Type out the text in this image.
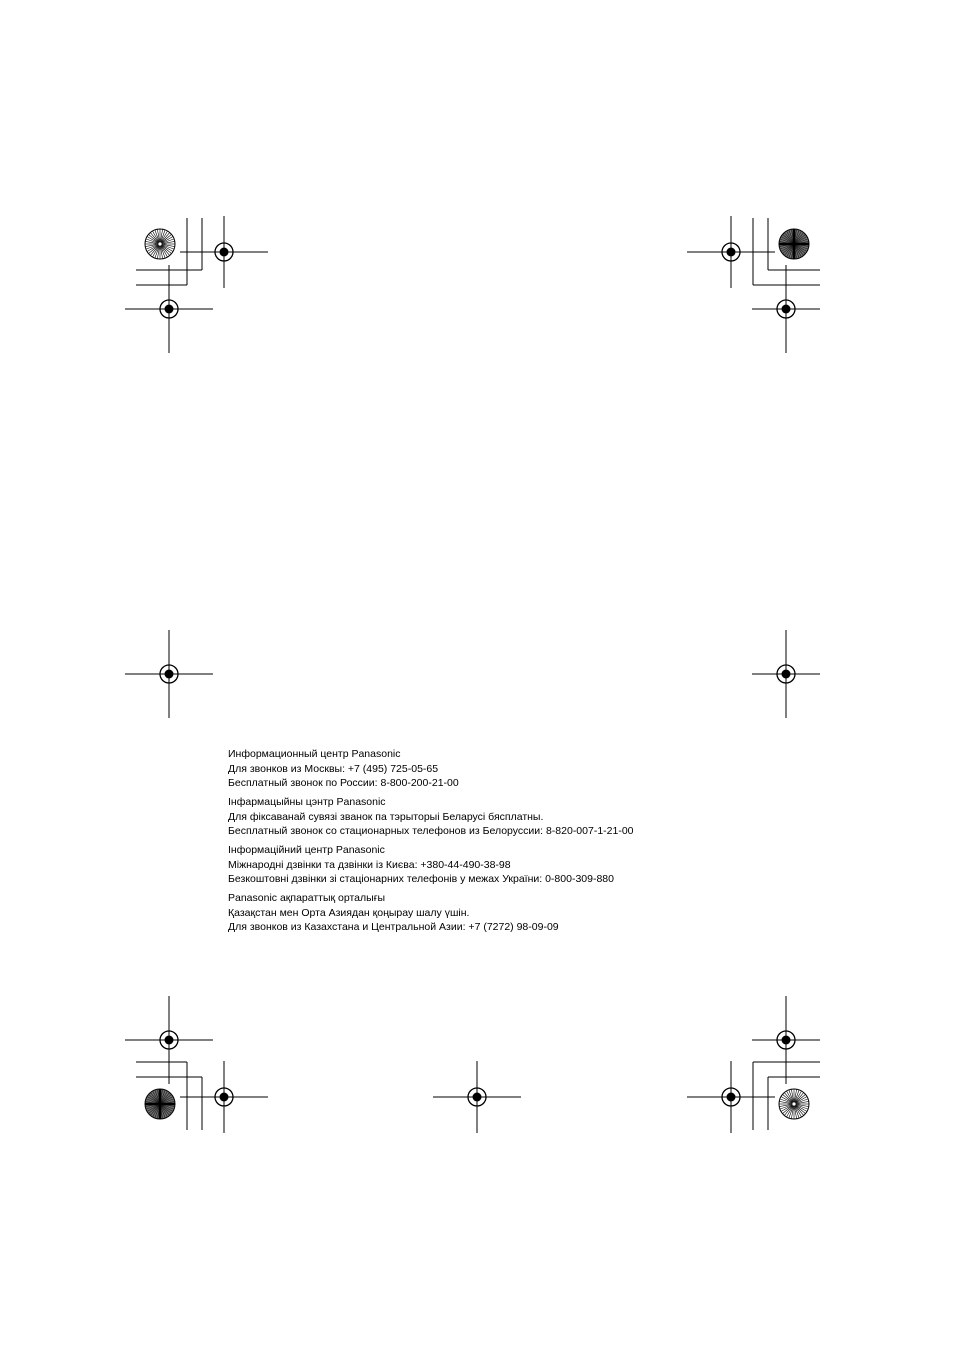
Информационный центр Panasonic
Для звонков из Москвы: +7 (495) 725-05-65
Бесплатный звонок по России: 8-800-200-21-00
Інфармацыйны цэнтр Panasonic
Для фіксаванай сувязі званок па тэрыторыі Беларусі бясплатны.
Бесплатный звонок со стационарных телефонов из Белоруссии: 8-820-007-1-21-00
Інформаційний центр Panasonic
Міжнародні дзвінки та дзвінки із Києва: +380-44-490-38-98
Безкоштовні дзвінки зі стаціонарних телефонів у межах України: 0-800-309-880
Panasonic ақпараттық орталығы
Қазақстан мен Орта Азиядан қоңырау шалу үшін.
Для звонков из Казахстана и Центральной Азии: +7 (7272) 98-09-09
